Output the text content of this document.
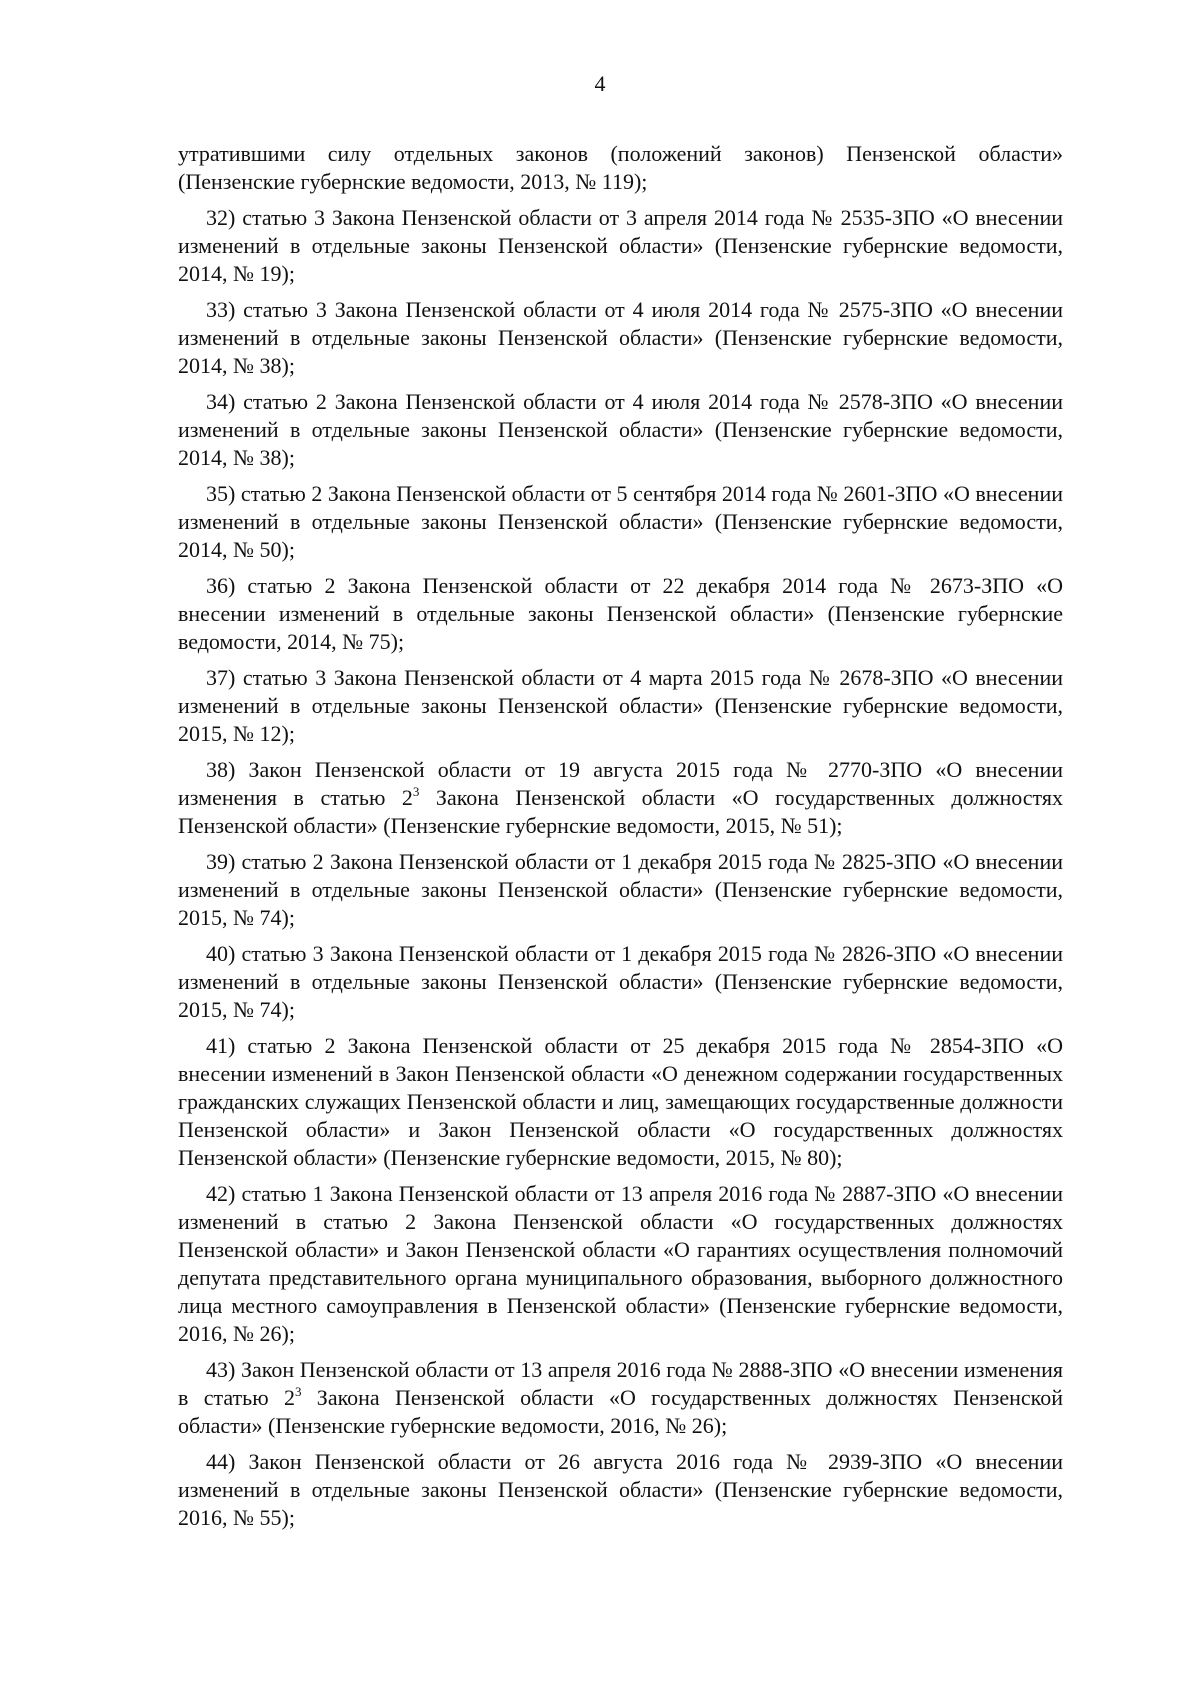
4

утратившими силу отдельных законов (положений законов) Пензенской области» (Пензенские губернские ведомости, 2013, № 119);

32) статью 3 Закона Пензенской области от 3 апреля 2014 года № 2535-ЗПО «О внесении изменений в отдельные законы Пензенской области» (Пензенские губернские ведомости, 2014, № 19);

33) статью 3 Закона Пензенской области от 4 июля 2014 года № 2575-ЗПО «О внесении изменений в отдельные законы Пензенской области» (Пензенские губернские ведомости, 2014, № 38);

34) статью 2 Закона Пензенской области от 4 июля 2014 года № 2578-ЗПО «О внесении изменений в отдельные законы Пензенской области» (Пензенские губернские ведомости, 2014, № 38);

35) статью 2 Закона Пензенской области от 5 сентября 2014 года № 2601-ЗПО «О внесении изменений в отдельные законы Пензенской области» (Пензенские губернские ведомости, 2014, № 50);

36) статью 2 Закона Пензенской области от 22 декабря 2014 года № 2673-ЗПО «О внесении изменений в отдельные законы Пензенской области» (Пензенские губернские ведомости, 2014, № 75);

37) статью 3 Закона Пензенской области от 4 марта 2015 года № 2678-ЗПО «О внесении изменений в отдельные законы Пензенской области» (Пензенские губернские ведомости, 2015, № 12);

38) Закон Пензенской области от 19 августа 2015 года № 2770-ЗПО «О внесении изменения в статью $2^3$ Закона Пензенской области «О государственных должностях Пензенской области» (Пензенские губернские ведомости, 2015, № 51);

39) статью 2 Закона Пензенской области от 1 декабря 2015 года № 2825-ЗПО «О внесении изменений в отдельные законы Пензенской области» (Пензенские губернские ведомости, 2015, № 74);

40) статью 3 Закона Пензенской области от 1 декабря 2015 года № 2826-ЗПО «О внесении изменений в отдельные законы Пензенской области» (Пензенские губернские ведомости, 2015, № 74);

41) статью 2 Закона Пензенской области от 25 декабря 2015 года № 2854-ЗПО «О внесении изменений в Закон Пензенской области «О денежном содержании государственных гражданских служащих Пензенской области и лиц, замещающих государственные должности Пензенской области» и Закон Пензенской области «О государственных должностях Пензенской области» (Пензенские губернские ведомости, 2015, № 80);

42) статью 1 Закона Пензенской области от 13 апреля 2016 года № 2887-ЗПО «О внесении изменений в статью 2 Закона Пензенской области «О государственных должностях Пензенской области» и Закон Пензенской области «О гарантиях осуществления полномочий депутата представительного органа муниципального образования, выборного должностного лица местного самоуправления в Пензенской области» (Пензенские губернские ведомости, 2016, № 26);

43) Закон Пензенской области от 13 апреля 2016 года № 2888-ЗПО «О внесении изменения в статью $2^3$ Закона Пензенской области «О государственных должностях Пензенской области» (Пензенские губернские ведомости, 2016, № 26);

44) Закон Пензенской области от 26 августа 2016 года № 2939-ЗПО «О внесении изменений в отдельные законы Пензенской области» (Пензенские губернские ведомости, 2016, № 55);
